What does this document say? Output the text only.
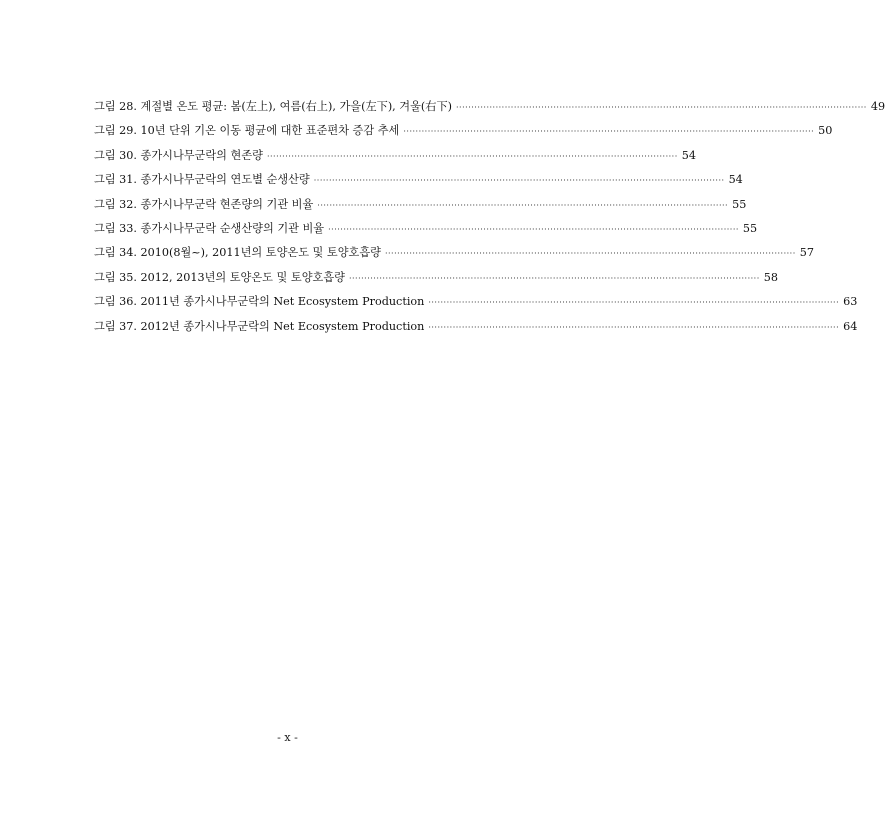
그림 28. 계절별 온도 평균: 봄(左上), 여름(右上), 가을(左下), 겨울(右下) ·····	49
그림 29. 10년 단위 기온 이동 평균에 대한 표준편차 증감 추세 ·····	50
그림 30. 종가시나무군락의 현존량 ·····	54
그림 31. 종가시나무군락의 연도별 순생산량 ·····	54
그림 32. 종가시나무군락 현존량의 기관 비율 ·····	55
그림 33. 종가시나무군락 순생산량의 기관 비율 ·····	55
그림 34. 2010(8월~), 2011년의 토양온도 및 토양호흡량 ·····	57
그림 35. 2012, 2013년의 토양온도 및 토양호흡량 ·····	58
그림 36. 2011년 종가시나무군락의 Net Ecosystem Production ·····	63
그림 37. 2012년 종가시나무군락의 Net Ecosystem Production ·····	64
- x -
